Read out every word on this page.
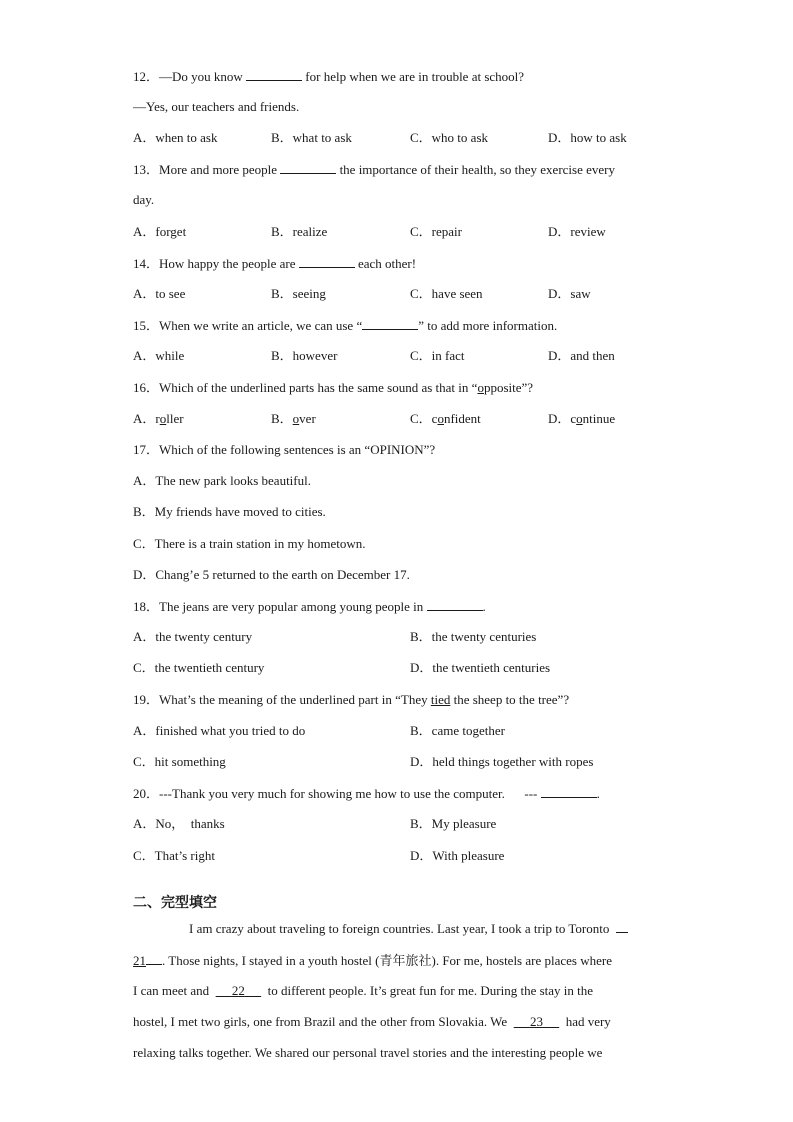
12．—Do you know	for help when we are in trouble at school?
—Yes, our teachers and friends.
A．when to ask	B．what to ask	C．who to ask	D．how to ask
13．More and more people	the importance of their health, so they exercise every
day.
A．forget	B．realize	C．repair	D．review
14．How happy the people are	each other!
A．to see	B．seeing	C．have seen	D．saw
15．When we write an article, we can use “	” to add more information.
A．while	B．however	C．in fact	D．and then
16．Which of the underlined parts has the same sound as that in “opposite”?
A．roller	B．over	C．confident	D．continue
17．Which of the following sentences is an “OPINION”?
A．The new park looks beautiful.
B．My friends have moved to cities.
C．There is a train station in my hometown.
D．Chang’e 5 returned to the earth on December 17.
18．The jeans are very popular among young people in	.
A．the twenty century	B．the twenty centuries
C．the twentieth century	D．the twentieth centuries
19．What’s the meaning of the underlined part in “They tied the sheep to the tree”?
A．finished what you tried to do	B．came together
C．hit something	D．held things together with ropes
20．---Thank you very much for showing me how to use the computer.      ---	.
A．No，  thanks	B．My pleasure
C．That’s right	D．With pleasure
二、完型填空
I am crazy about traveling to foreign countries. Last year, I took a trip to Toronto
21 . Those nights, I stayed in a youth hostel (青年旅社). For me, hostels are places where
I can meet and       22       to different people. It’s great fun for me. During the stay in the
hostel, I met two girls, one from Brazil and the other from Slovakia. We       23       had very
relaxing talks together. We shared our personal travel stories and the interesting people we
